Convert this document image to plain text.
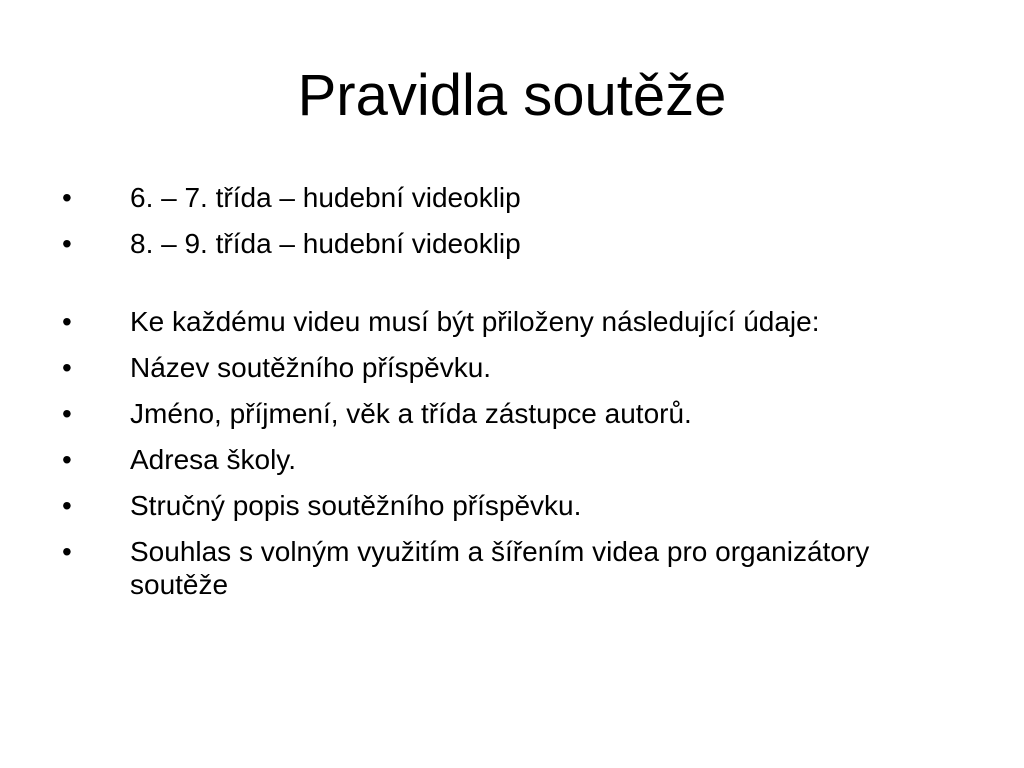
Pravidla soutěže
•	6. – 7. třída – hudební videoklip
•	8. – 9. třída – hudební videoklip
•	Ke každému videu musí být přiloženy následující údaje:
•	Název soutěžního příspěvku.
•	Jméno, příjmení, věk a třída zástupce autorů.
•	Adresa školy.
•	Stručný popis soutěžního příspěvku.
•	Souhlas s volným využitím a šířením videa pro organizátory soutěže
